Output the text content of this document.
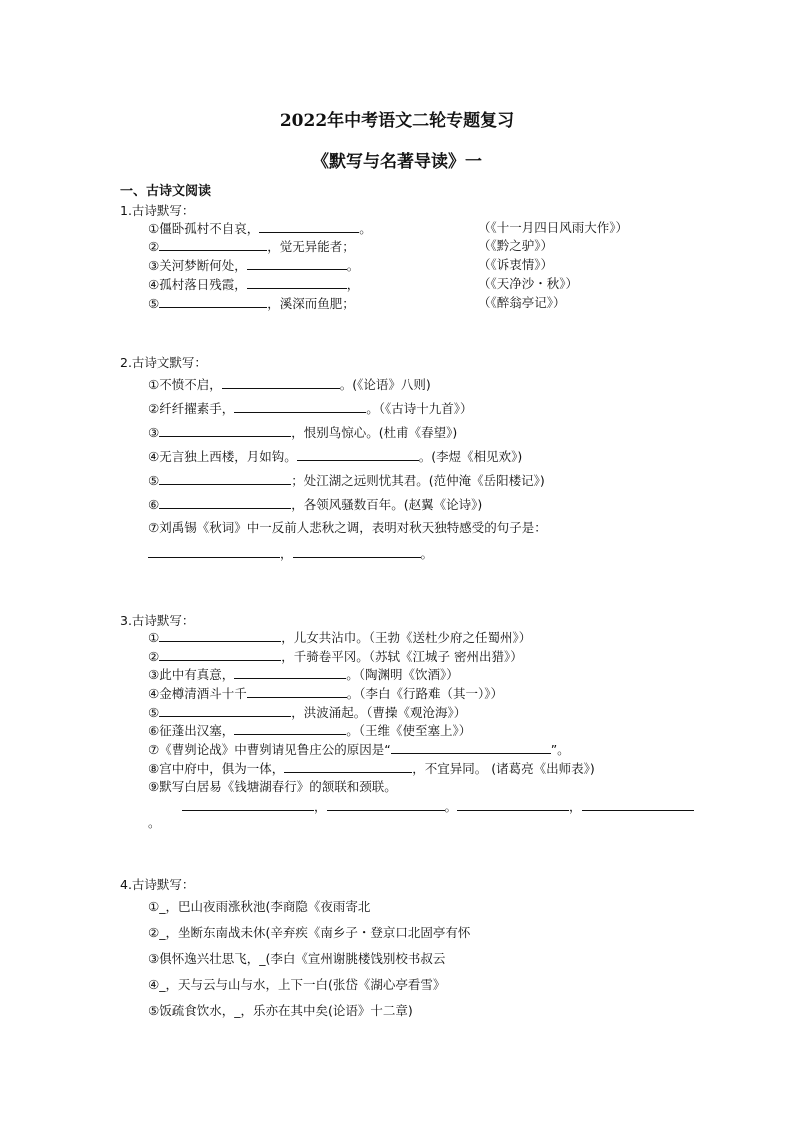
2022年中考语文二轮专题复习
《默写与名著导读》一
一、古诗文阅读
1.古诗默写：
①僵卧孤村不自哀，	。	（《十一月四日风雨大作》）
②	，觉无异能者；	（《黔之驴》）
③关河梦断何处，	。	（《诉衷情》）
④孤村落日残霞，	，	（《天净沙・秋》）
⑤	，溪深而鱼肥；	（《醉翁亭记》）
2.古诗文默写：
①不愤不启，	。(《论语》八则)
②纤纤擢素手，	。（《古诗十九首》）
③	，恨别鸟惊心。(杜甫《春望》)
④无言独上西楼，月如钩。	。(李煜《相见欢》)
⑤	；处江湖之远则忧其君。(范仲淹《岳阳楼记》)
⑥	，各领风骚数百年。(赵翼《论诗》)
⑦刘禹锡《秋词》中一反前人悲秋之调，表明对秋天独特感受的句子是：
，	。
3.古诗默写：
①	，儿女共沾巾。（王勃《送杜少府之任蜀州》）
②	，千骑卷平冈。（苏轼《江城子 密州出猎》）
③此中有真意，	。（陶渊明《饮酒》）
④金樽清酒斗十千	。（李白《行路难（其一）》）
⑤	，洪波涌起。（曹操《观沧海》）
⑥征蓬出汉塞，	。（王维《使至塞上》）
⑦《曹刿论战》中曹刿请见鲁庄公的原因是“	”。
⑧宫中府中，俱为一体，	，不宜异同。 (诸葛亮《出师表》)
⑨默写白居易《钱塘湖春行》的颔联和颈联。
，	。	，
。
4.古诗默写：
①_，巴山夜雨涨秋池(李商隐《夜雨寄北
②_，坐断东南战未休(辛弃疾《南乡子・登京口北固亭有怀
③俱怀逸兴壮思飞，_(李白《宣州谢朓楼饯别校书叔云
④_，天与云与山与水，上下一白(张岱《湖心亭看雪》
⑤饭疏食饮水，_，乐亦在其中矣(论语》十二章)
